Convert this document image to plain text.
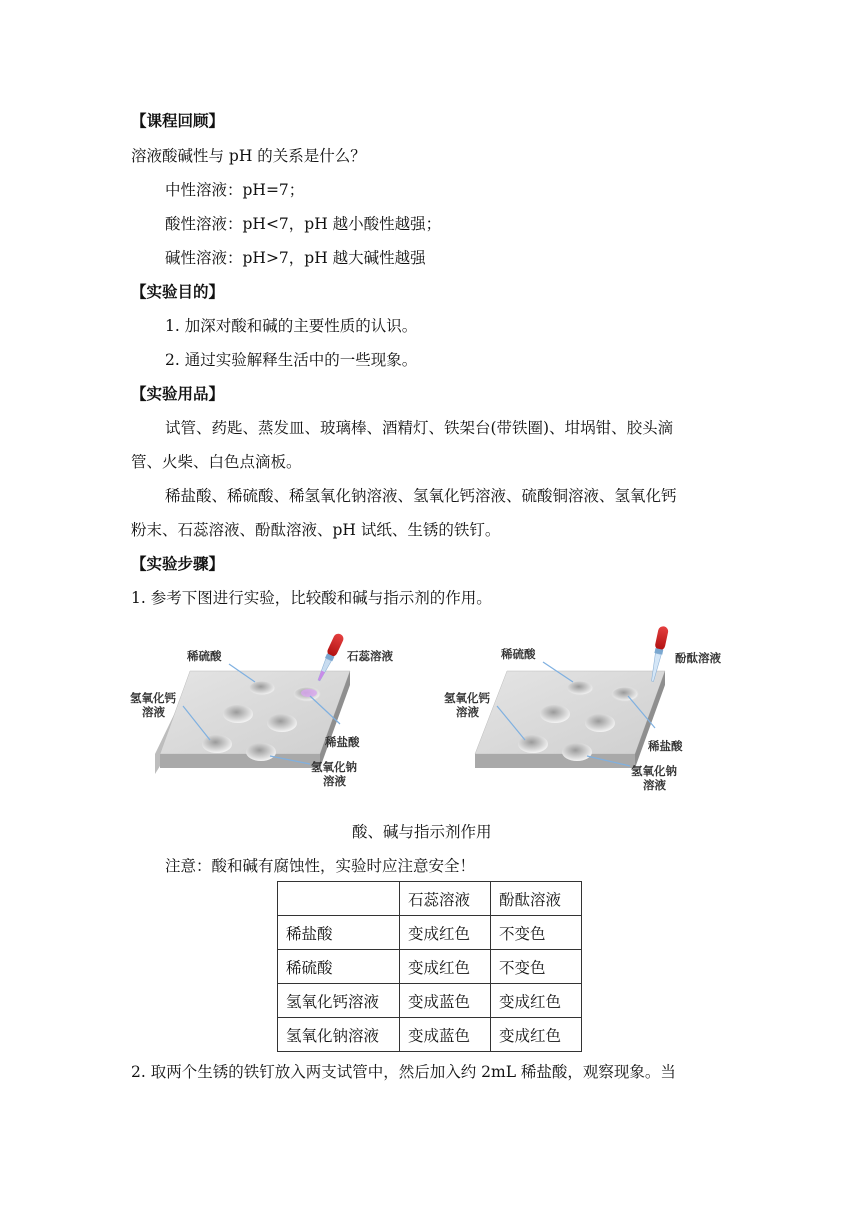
【课程回顾】
溶液酸碱性与 pH 的关系是什么？
中性溶液：pH=7；
酸性溶液：pH<7，pH 越小酸性越强；
碱性溶液：pH>7，pH 越大碱性越强
【实验目的】
1. 加深对酸和碱的主要性质的认识。
2. 通过实验解释生活中的一些现象。
【实验用品】
试管、药匙、蒸发皿、玻璃棒、酒精灯、铁架台(带铁圈)、坩埚钳、胶头滴
管、火柴、白色点滴板。
稀盐酸、稀硫酸、稀氢氧化钠溶液、氢氧化钙溶液、硫酸铜溶液、氢氧化钙
粉末、石蕊溶液、酚酞溶液、pH 试纸、生锈的铁钉。
【实验步骤】
1. 参考下图进行实验，比较酸和碱与指示剂的作用。
稀硫酸	石蕊溶液
氢氧化钙
溶液
稀盐酸
氢氧化钠
溶液
稀硫酸	酚酞溶液
氢氧化钙
溶液
稀盐酸
氢氧化钠
溶液
酸、碱与指示剂作用
注意：酸和碱有腐蚀性，实验时应注意安全！
	石蕊溶液	酚酞溶液
稀盐酸	变成红色	不变色
稀硫酸	变成红色	不变色
氢氧化钙溶液	变成蓝色	变成红色
氢氧化钠溶液	变成蓝色	变成红色
2. 取两个生锈的铁钉放入两支试管中，然后加入约 2mL 稀盐酸，观察现象。当
